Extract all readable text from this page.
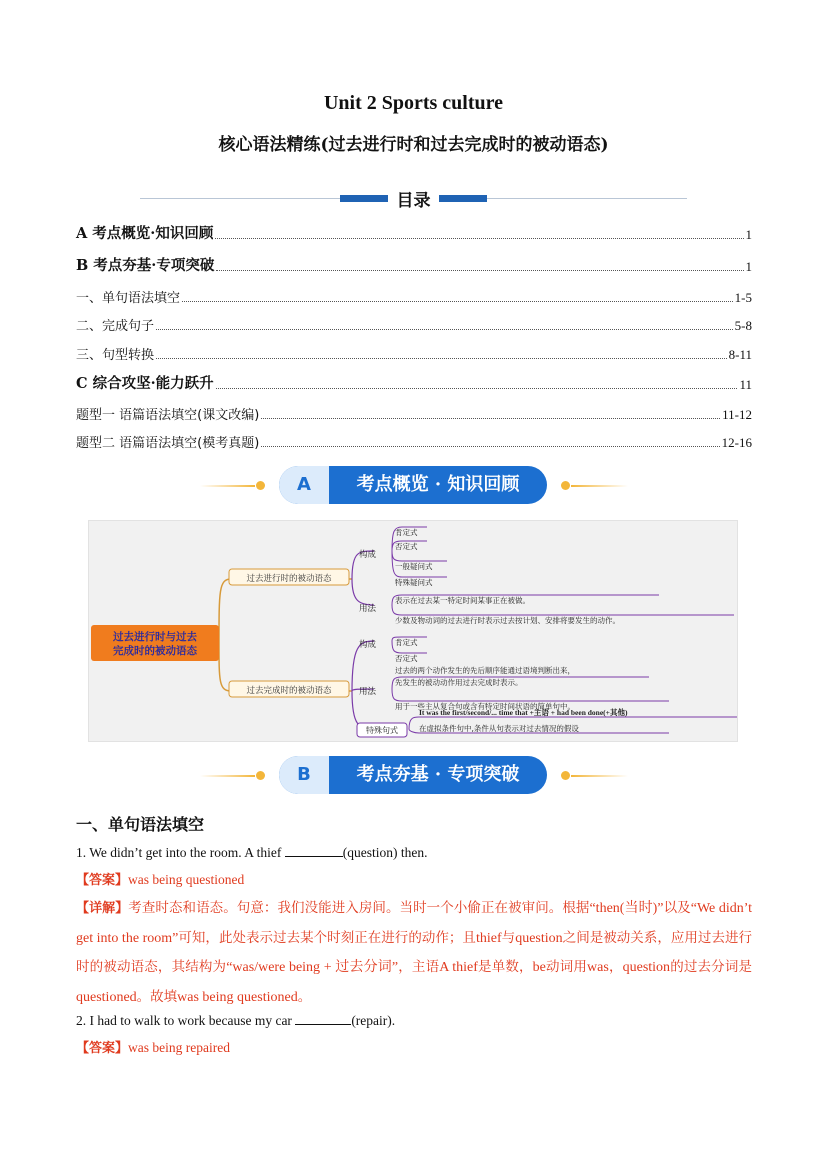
Unit 2 Sports culture
核心语法精练(过去进行时和过去完成时的被动语态)
目录
A 考点概览·知识回顾	1
B 考点夯基·专项突破	1
一、单句语法填空	1-5
二、完成句子	5-8
三、句型转换	8-11
C 综合攻坚·能力跃升	11
题型一 语篇语法填空(课文改编)	11-12
题型二 语篇语法填空(模考真题)	12-16
A	考点概览 · 知识回顾
过去进行时与过去
完成时的被动语态
过去进行时的被动语态
过去完成时的被动语态
构成
用法
构成
用法
特殊句式
肯定式
否定式
一般疑问式
特殊疑问式
表示在过去某一特定时间某事正在被做。
少数及物动词的过去进行时表示过去按计划、安排将要发生的动作。
肯定式
否定式
过去的两个动作发生的先后顺序能通过语境判断出来，
先发生的被动动作用过去完成时表示。
用于一些主从复合句或含有特定时间状语的简单句中。
It was the first/second/... time that +主语 + had been done(+其他)
在虚拟条件句中,条件从句表示对过去情况的假设
B	考点夯基 · 专项突破
一、单句语法填空
1. We didn’t get into the room. A thief	(question) then.
【答案】was being questioned
【详解】考查时态和语态。句意：我们没能进入房间。当时一个小偷正在被审问。根据“then(当时)”以及“We didn’t get into the room”可知，此处表示过去某个时刻正在进行的动作；且thief与question之间是被动关系，应用过去进行时的被动语态，其结构为“was/were being + 过去分词”，主语A thief是单数，be动词用was，question的过去分词是questioned。故填was being questioned。
2. I had to walk to work because my car	(repair).
【答案】was being repaired
